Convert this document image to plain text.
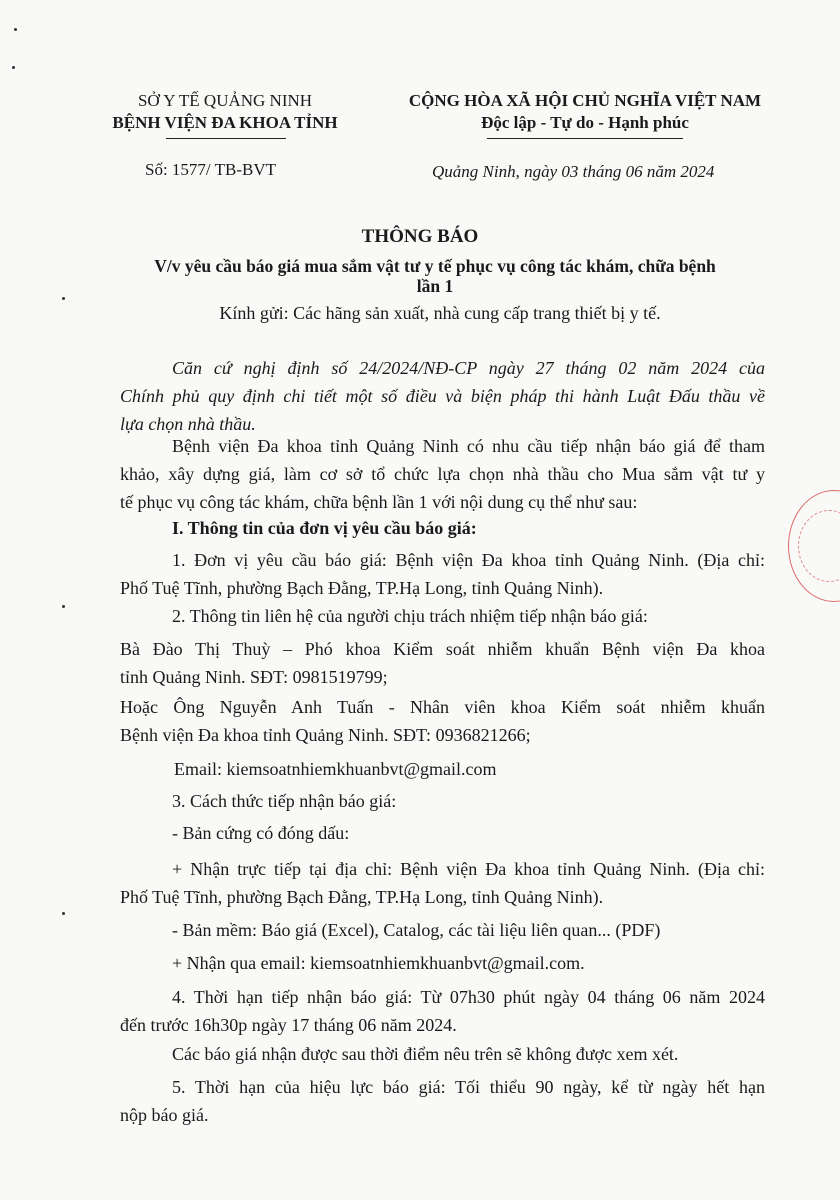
SỞ Y TẾ QUẢNG NINH
BỆNH VIỆN ĐA KHOA TỈNH
CỘNG HÒA XÃ HỘI CHỦ NGHĨA VIỆT NAM
Độc lập - Tự do - Hạnh phúc
Số: 1577/ TB-BVT	Quảng Ninh, ngày 03 tháng 06 năm 2024
THÔNG BÁO
V/v yêu cầu báo giá mua sắm vật tư y tế phục vụ công tác khám, chữa bệnh
lần 1
Kính gửi: Các hãng sản xuất, nhà cung cấp trang thiết bị y tế.
Căn cứ nghị định số 24/2024/NĐ-CP ngày 27 tháng 02 năm 2024 của
Chính phủ quy định chi tiết một số điều và biện pháp thi hành Luật Đấu thầu về
lựa chọn nhà thầu.
Bệnh viện Đa khoa tỉnh Quảng Ninh có nhu cầu tiếp nhận báo giá để tham
khảo, xây dựng giá, làm cơ sở tổ chức lựa chọn nhà thầu cho Mua sắm vật tư y
tế phục vụ công tác khám, chữa bệnh lần 1 với nội dung cụ thể như sau:
I. Thông tin của đơn vị yêu cầu báo giá:
1. Đơn vị yêu cầu báo giá: Bệnh viện Đa khoa tỉnh Quảng Ninh. (Địa chỉ:
Phố Tuệ Tĩnh, phường Bạch Đằng, TP.Hạ Long, tỉnh Quảng Ninh).
2. Thông tin liên hệ của người chịu trách nhiệm tiếp nhận báo giá:
Bà Đào Thị Thuỳ – Phó khoa Kiểm soát nhiễm khuẩn Bệnh viện Đa khoa
tỉnh Quảng Ninh. SĐT: 0981519799;
Hoặc Ông Nguyễn Anh Tuấn - Nhân viên khoa Kiểm soát nhiễm khuẩn
Bệnh viện Đa khoa tỉnh Quảng Ninh. SĐT: 0936821266;
Email: kiemsoatnhiemkhuanbvt@gmail.com
3. Cách thức tiếp nhận báo giá:
- Bản cứng có đóng dấu:
+ Nhận trực tiếp tại địa chỉ: Bệnh viện Đa khoa tỉnh Quảng Ninh. (Địa chỉ:
Phố Tuệ Tĩnh, phường Bạch Đằng, TP.Hạ Long, tỉnh Quảng Ninh).
- Bản mềm: Báo giá (Excel), Catalog, các tài liệu liên quan... (PDF)
+ Nhận qua email: kiemsoatnhiemkhuanbvt@gmail.com.
4. Thời hạn tiếp nhận báo giá: Từ 07h30 phút ngày 04 tháng 06 năm 2024
đến trước 16h30p ngày 17 tháng 06 năm 2024.
Các báo giá nhận được sau thời điểm nêu trên sẽ không được xem xét.
5. Thời hạn của hiệu lực báo giá: Tối thiểu 90 ngày, kể từ ngày hết hạn
nộp báo giá.
